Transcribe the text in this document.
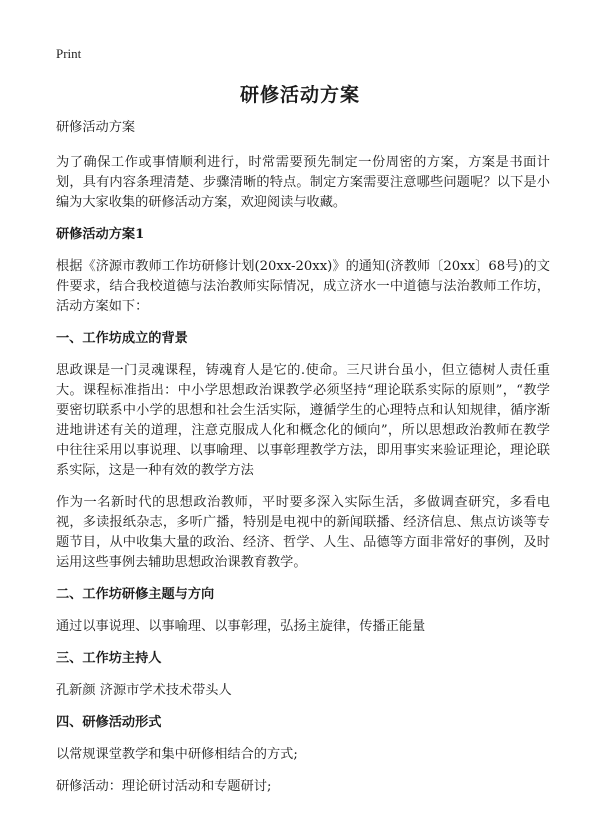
Print
研修活动方案

研修活动方案

为了确保工作或事情顺利进行，时常需要预先制定一份周密的方案，方案是书面计划，具有内容条理清楚、步骤清晰的特点。制定方案需要注意哪些问题呢？以下是小编为大家收集的研修活动方案，欢迎阅读与收藏。

研修活动方案1

根据《济源市教师工作坊研修计划(20xx-20xx)》的通知(济教师〔20xx〕68号)的文件要求，结合我校道德与法治教师实际情况，成立济水一中道德与法治教师工作坊，活动方案如下：

一、工作坊成立的背景

思政课是一门灵魂课程，铸魂育人是它的.使命。三尺讲台虽小，但立德树人责任重大。课程标准指出：中小学思想政治课教学必须坚持“理论联系实际的原则”，“教学要密切联系中小学的思想和社会生活实际，遵循学生的心理特点和认知规律，循序渐进地讲述有关的道理，注意克服成人化和概念化的倾向”，所以思想政治教师在教学中往往采用以事说理、以事喻理、以事彰理教学方法，即用事实来验证理论，理论联系实际，这是一种有效的教学方法

作为一名新时代的思想政治教师，平时要多深入实际生活，多做调查研究，多看电视，多读报纸杂志，多听广播，特别是电视中的新闻联播、经济信息、焦点访谈等专题节目，从中收集大量的政治、经济、哲学、人生、品德等方面非常好的事例，及时运用这些事例去辅助思想政治课教育教学。

二、工作坊研修主题与方向

通过以事说理、以事喻理、以事彰理，弘扬主旋律，传播正能量

三、工作坊主持人

孔新颜 济源市学术技术带头人

四、研修活动形式

以常规课堂教学和集中研修相结合的方式;

研修活动：理论研讨活动和专题研讨;
